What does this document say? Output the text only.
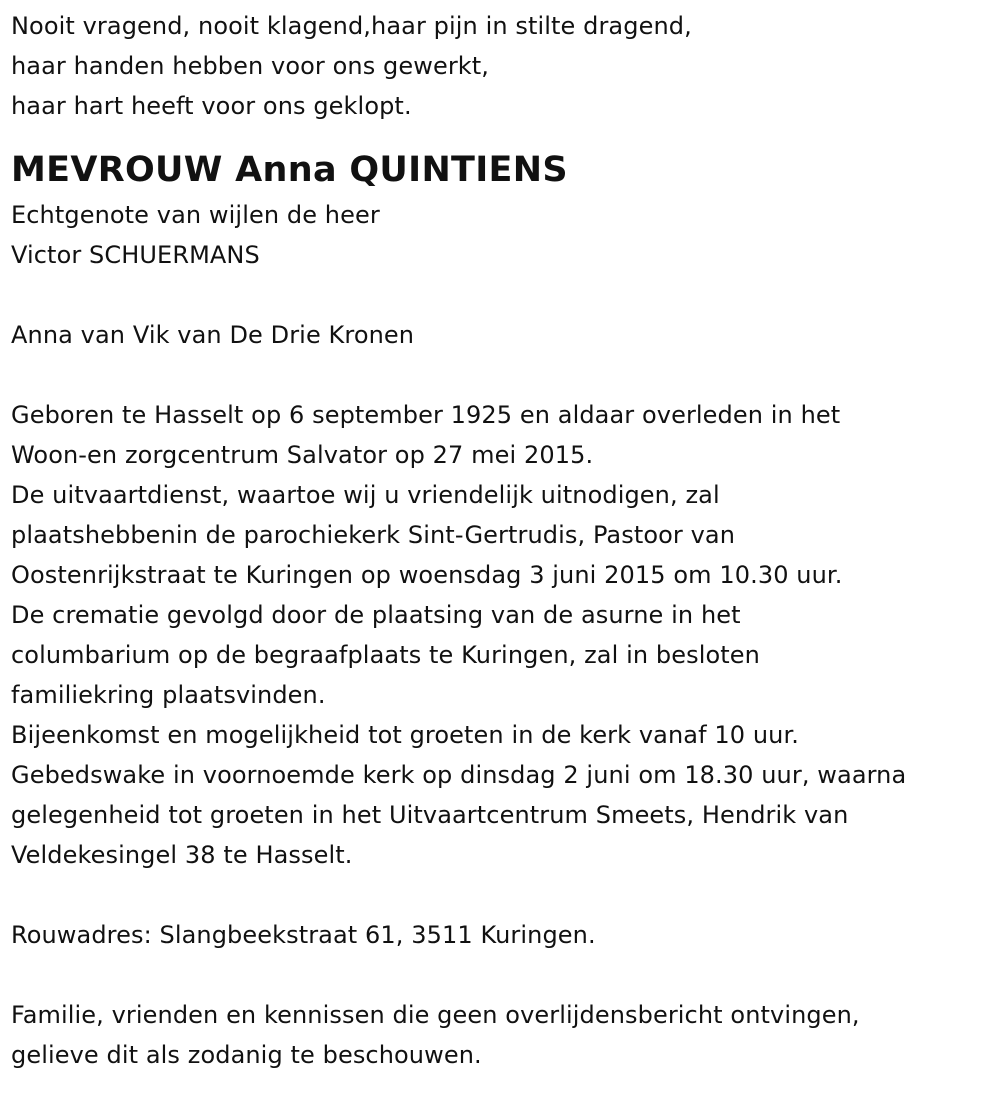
Nooit vragend, nooit klagend,haar pijn in stilte dragend,
haar handen hebben voor ons gewerkt,
haar hart heeft voor ons geklopt.
MEVROUW Anna QUINTIENS
Echtgenote van wijlen de heer
Victor SCHUERMANS
Anna van Vik van De Drie Kronen
Geboren te Hasselt op 6 september 1925 en aldaar overleden in het
Woon-en zorgcentrum Salvator op 27 mei 2015.
De uitvaartdienst, waartoe wij u vriendelijk uitnodigen, zal
plaatshebbenin de parochiekerk Sint-Gertrudis, Pastoor van
Oostenrijkstraat te Kuringen op woensdag 3 juni 2015 om 10.30 uur.
De crematie gevolgd door de plaatsing van de asurne in het
columbarium op de begraafplaats te Kuringen, zal in besloten
familiekring plaatsvinden.
Bijeenkomst en mogelijkheid tot groeten in de kerk vanaf 10 uur.
Gebedswake in voornoemde kerk op dinsdag 2 juni om 18.30 uur, waarna
gelegenheid tot groeten in het Uitvaartcentrum Smeets, Hendrik van
Veldekesingel 38 te Hasselt.
Rouwadres: Slangbeekstraat 61, 3511 Kuringen.
Familie, vrienden en kennissen die geen overlijdensbericht ontvingen,
gelieve dit als zodanig te beschouwen.
